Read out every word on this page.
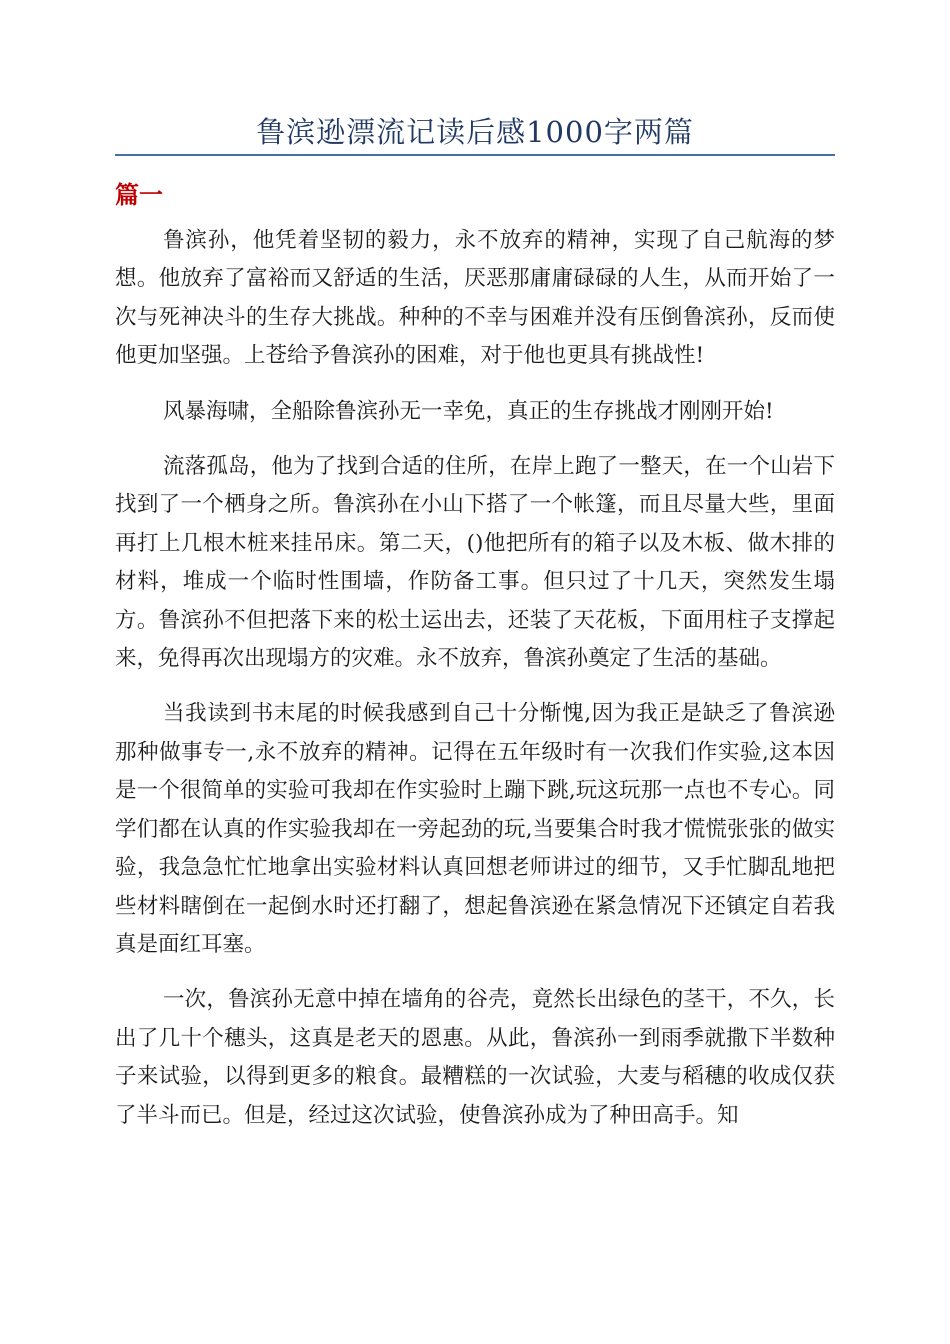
鲁滨逊漂流记读后感1000字两篇
篇一

鲁滨孙，他凭着坚韧的毅力，永不放弃的精神，实现了自己航海的梦想。他放弃了富裕而又舒适的生活，厌恶那庸庸碌碌的人生，从而开始了一次与死神决斗的生存大挑战。种种的不幸与困难并没有压倒鲁滨孙，反而使他更加坚强。上苍给予鲁滨孙的困难，对于他也更具有挑战性!

风暴海啸，全船除鲁滨孙无一幸免，真正的生存挑战才刚刚开始!

流落孤岛，他为了找到合适的住所，在岸上跑了一整天，在一个山岩下找到了一个栖身之所。鲁滨孙在小山下搭了一个帐篷，而且尽量大些，里面再打上几根木桩来挂吊床。第二天，()他把所有的箱子以及木板、做木排的材料，堆成一个临时性围墙，作防备工事。但只过了十几天，突然发生塌方。鲁滨孙不但把落下来的松土运出去，还装了天花板，下面用柱子支撑起来，免得再次出现塌方的灾难。永不放弃，鲁滨孙奠定了生活的基础。

当我读到书末尾的时候我感到自己十分惭愧,因为我正是缺乏了鲁滨逊那种做事专一,永不放弃的精神。记得在五年级时有一次我们作实验,这本因是一个很简单的实验可我却在作实验时上蹦下跳,玩这玩那一点也不专心。同学们都在认真的作实验我却在一旁起劲的玩,当要集合时我才慌慌张张的做实验，我急急忙忙地拿出实验材料认真回想老师讲过的细节，又手忙脚乱地把些材料瞎倒在一起倒水时还打翻了，想起鲁滨逊在紧急情况下还镇定自若我真是面红耳塞。

一次，鲁滨孙无意中掉在墙角的谷壳，竟然长出绿色的茎干，不久，长出了几十个穗头，这真是老天的恩惠。从此，鲁滨孙一到雨季就撒下半数种子来试验，以得到更多的粮食。最糟糕的一次试验，大麦与稻穗的收成仅获了半斗而已。但是，经过这次试验，使鲁滨孙成为了种田高手。知
